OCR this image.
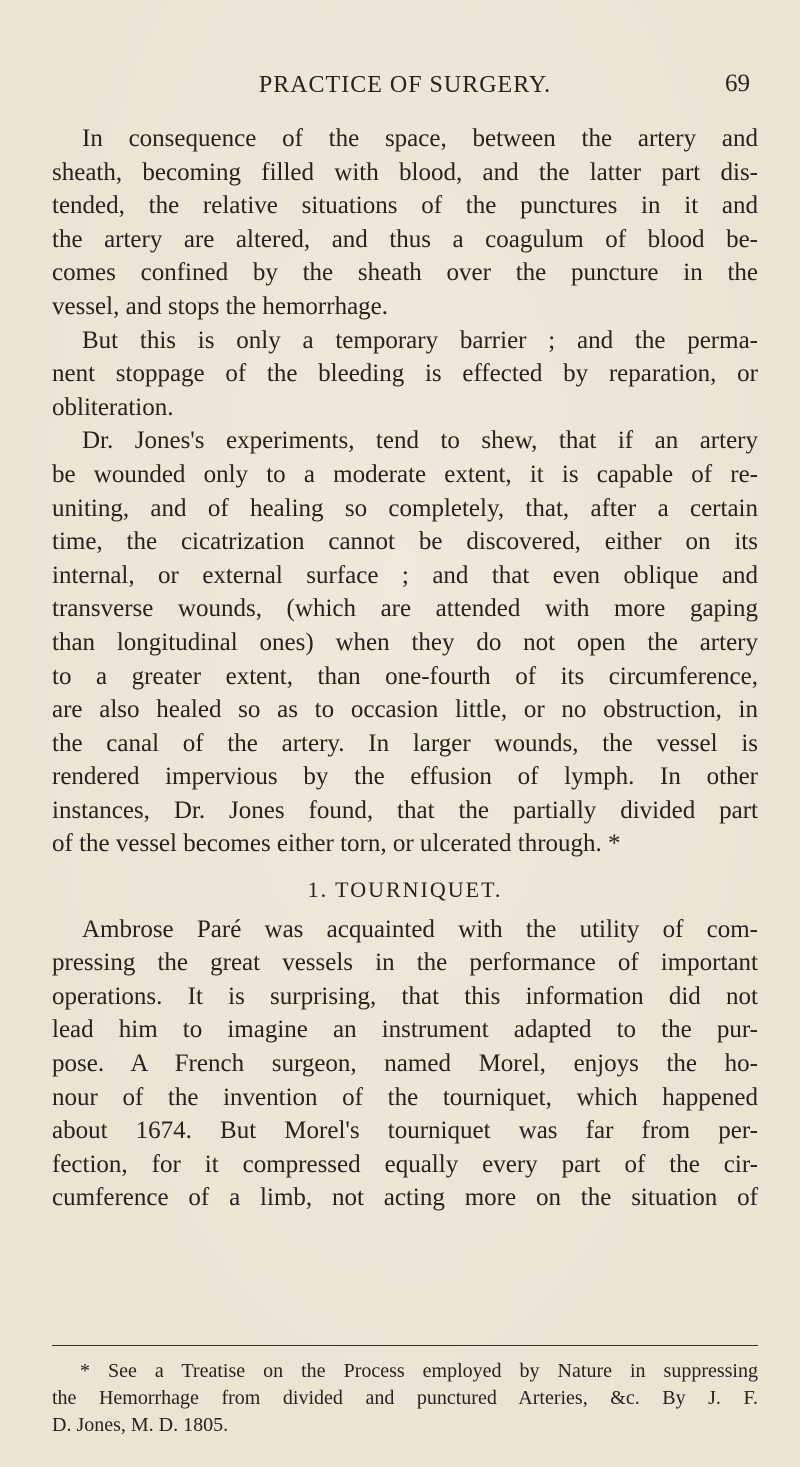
PRACTICE OF SURGERY.	69
In consequence of the space, between the artery and
sheath, becoming filled with blood, and the latter part dis-
tended, the relative situations of the punctures in it and
the artery are altered, and thus a coagulum of blood be-
comes confined by the sheath over the puncture in the
vessel, and stops the hemorrhage.
But this is only a temporary barrier ; and the perma-
nent stoppage of the bleeding is effected by reparation, or
obliteration.
Dr. Jones's experiments, tend to shew, that if an artery
be wounded only to a moderate extent, it is capable of re-
uniting, and of healing so completely, that, after a certain
time, the cicatrization cannot be discovered, either on its
internal, or external surface ; and that even oblique and
transverse wounds, (which are attended with more gaping
than longitudinal ones) when they do not open the artery
to a greater extent, than one-fourth of its circumference,
are also healed so as to occasion little, or no obstruction, in
the canal of the artery. In larger wounds, the vessel is
rendered impervious by the effusion of lymph. In other
instances, Dr. Jones found, that the partially divided part
of the vessel becomes either torn, or ulcerated through. *
1. TOURNIQUET.
Ambrose Paré was acquainted with the utility of com-
pressing the great vessels in the performance of important
operations. It is surprising, that this information did not
lead him to imagine an instrument adapted to the pur-
pose. A French surgeon, named Morel, enjoys the ho-
nour of the invention of the tourniquet, which happened
about 1674. But Morel's tourniquet was far from per-
fection, for it compressed equally every part of the cir-
cumference of a limb, not acting more on the situation of
* See a Treatise on the Process employed by Nature in suppressing
the Hemorrhage from divided and punctured Arteries, &c. By J. F.
D. Jones, M. D. 1805.
